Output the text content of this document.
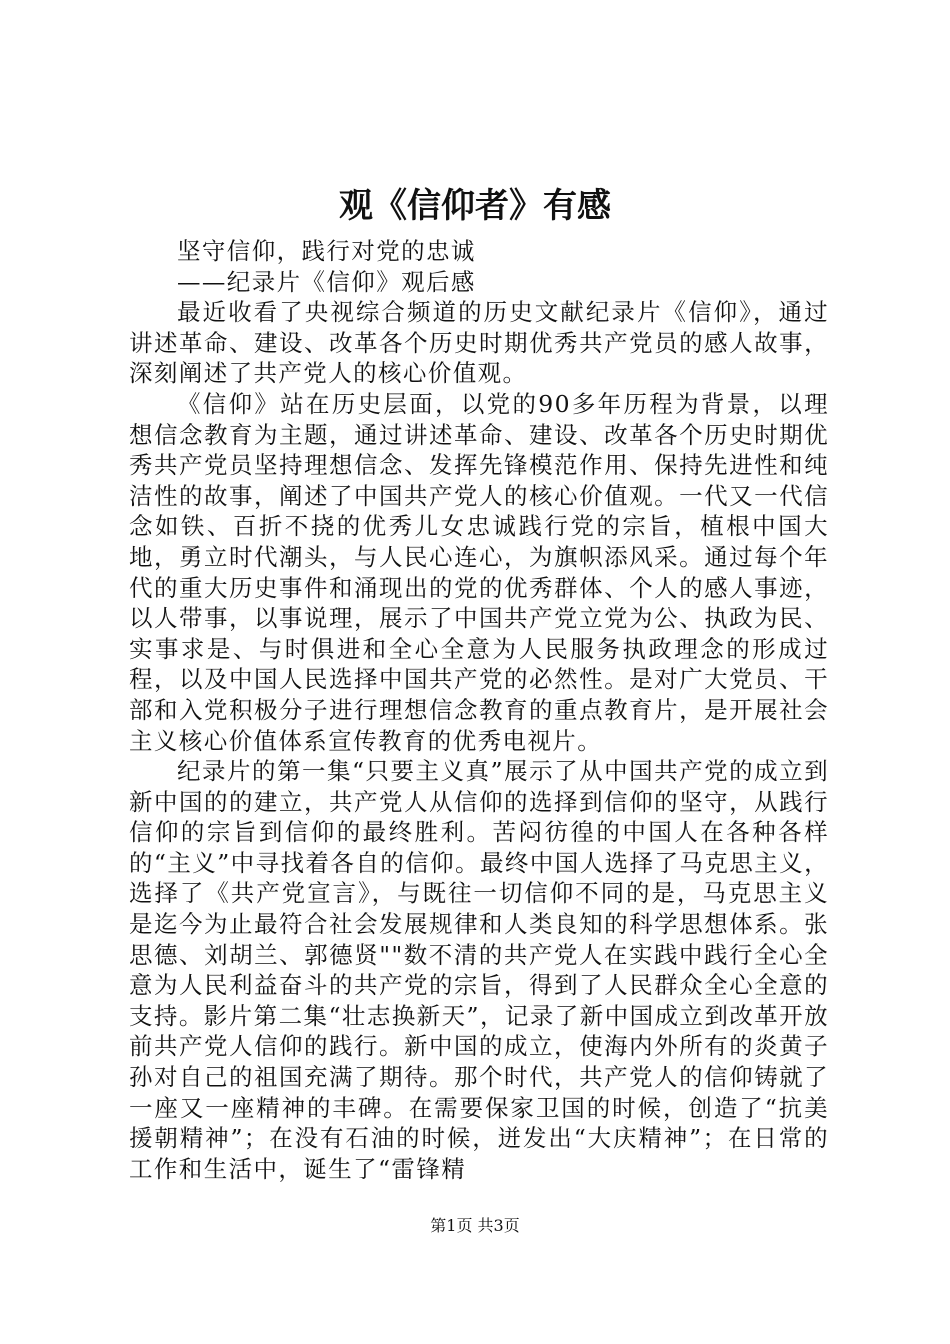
观《信仰者》有感

坚守信仰，践行对党的忠诚

——纪录片《信仰》观后感

最近收看了央视综合频道的历史文献纪录片《信仰》，通过讲述革命、建设、改革各个历史时期优秀共产党员的感人故事，深刻阐述了共产党人的核心价值观。

《信仰》站在历史层面，以党的90多年历程为背景，以理想信念教育为主题，通过讲述革命、建设、改革各个历史时期优秀共产党员坚持理想信念、发挥先锋模范作用、保持先进性和纯洁性的故事，阐述了中国共产党人的核心价值观。一代又一代信念如铁、百折不挠的优秀儿女忠诚践行党的宗旨，植根中国大地，勇立时代潮头，与人民心连心，为旗帜添风采。通过每个年代的重大历史事件和涌现出的党的优秀群体、个人的感人事迹，以人带事，以事说理，展示了中国共产党立党为公、执政为民、实事求是、与时俱进和全心全意为人民服务执政理念的形成过程，以及中国人民选择中国共产党的必然性。是对广大党员、干部和入党积极分子进行理想信念教育的重点教育片，是开展社会主义核心价值体系宣传教育的优秀电视片。

纪录片的第一集“只要主义真”展示了从中国共产党的成立到新中国的的建立，共产党人从信仰的选择到信仰的坚守，从践行信仰的宗旨到信仰的最终胜利。苦闷彷徨的中国人在各种各样的“主义”中寻找着各自的信仰。最终中国人选择了马克思主义，选择了《共产党宣言》，与既往一切信仰不同的是，马克思主义是迄今为止最符合社会发展规律和人类良知的科学思想体系。张思德、刘胡兰、郭德贤""数不清的共产党人在实践中践行全心全意为人民利益奋斗的共产党的宗旨，得到了人民群众全心全意的支持。影片第二集“壮志换新天”，记录了新中国成立到改革开放前共产党人信仰的践行。新中国的成立，使海内外所有的炎黄子孙对自己的祖国充满了期待。那个时代，共产党人的信仰铸就了一座又一座精神的丰碑。在需要保家卫国的时候，创造了“抗美援朝精神”；在没有石油的时候，迸发出“大庆精神”；在日常的工作和生活中，诞生了“雷锋精

第1页 共3页
